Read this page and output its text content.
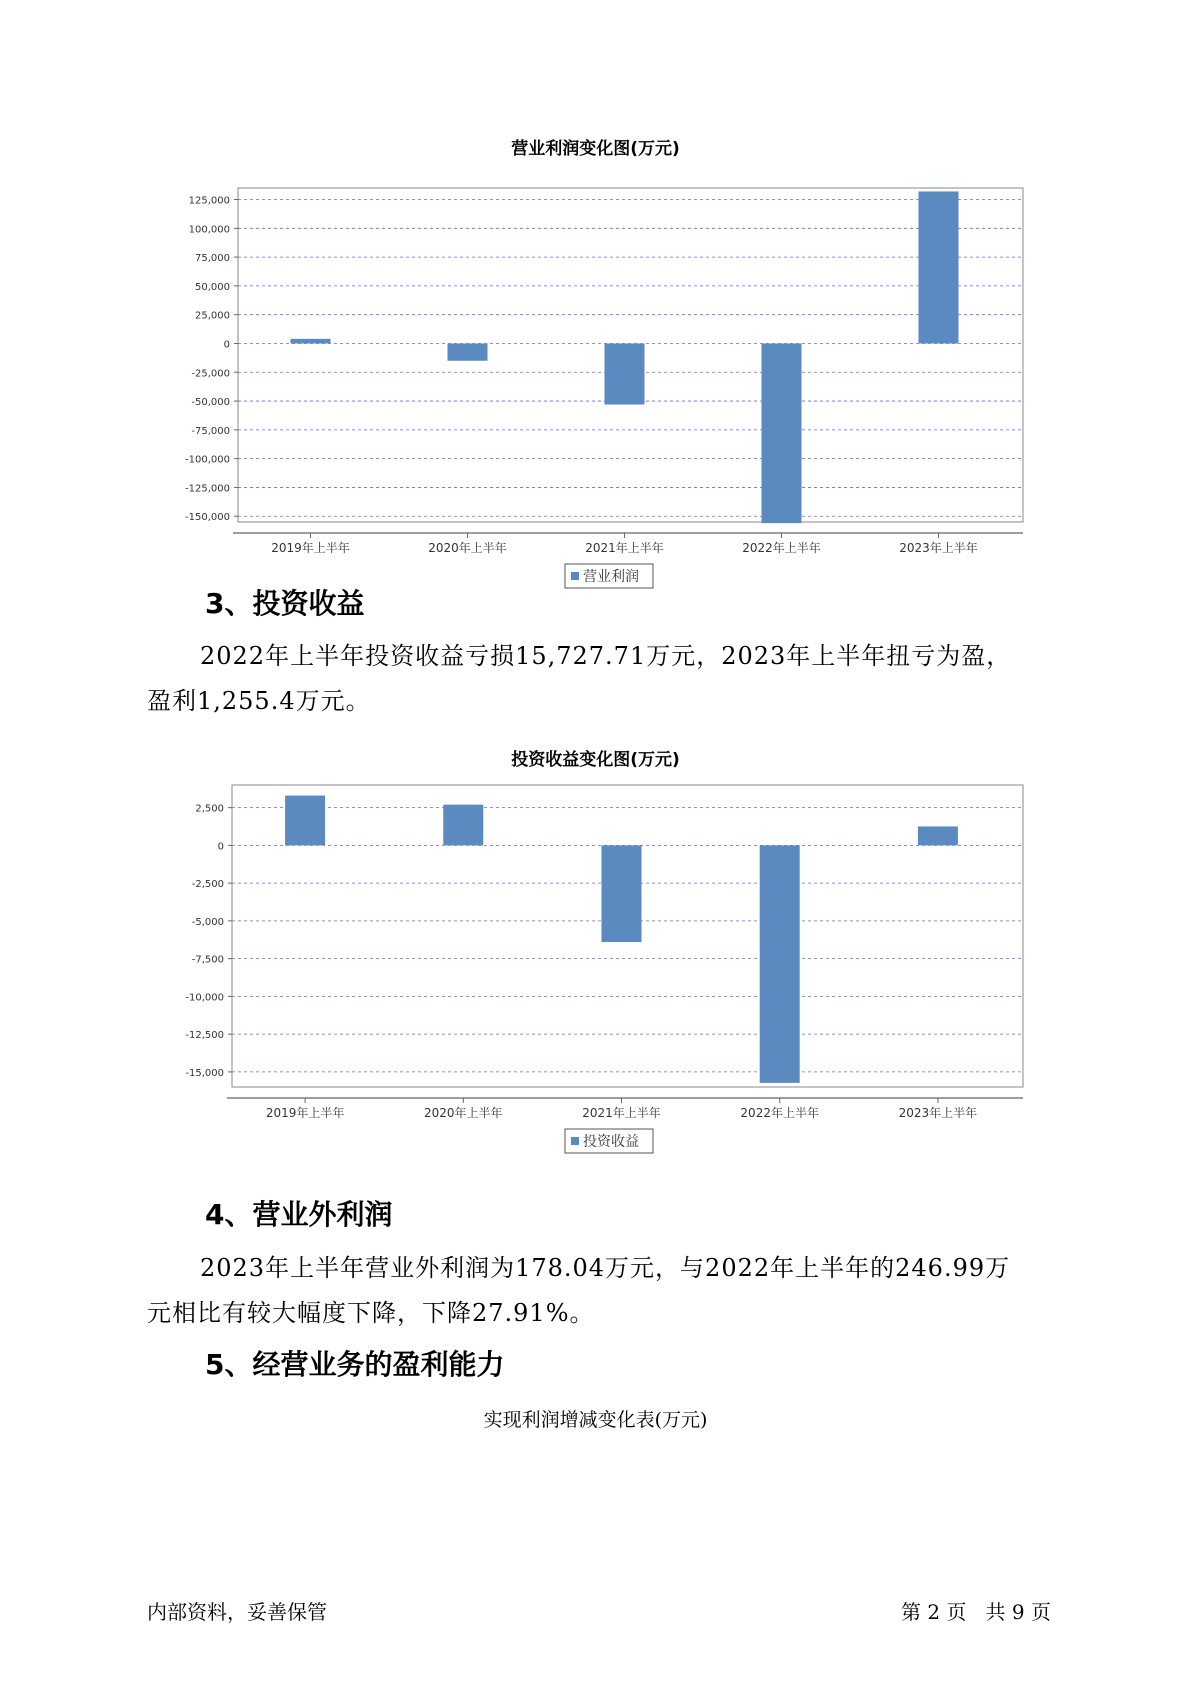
营业利润变化图(万元)
125,000
100,000
75,000
50,000
25,000
0
-25,000
-50,000
-75,000
-100,000
-125,000
-150,000
2019年上半年	2020年上半年	2021年上半年	2022年上半年	2023年上半年
营业利润
3、投资收益
2022年上半年投资收益亏损15,727.71万元，2023年上半年扭亏为盈，
盈利1,255.4万元。
投资收益变化图(万元)
2,500
0
-2,500
-5,000
-7,500
-10,000
-12,500
-15,000
2019年上半年	2020年上半年	2021年上半年	2022年上半年	2023年上半年
投资收益
4、营业外利润
2023年上半年营业外利润为178.04万元，与2022年上半年的246.99万
元相比有较大幅度下降，下降27.91%。
5、经营业务的盈利能力
实现利润增减变化表(万元)
内部资料，妥善保管	第 2 页   共 9 页
